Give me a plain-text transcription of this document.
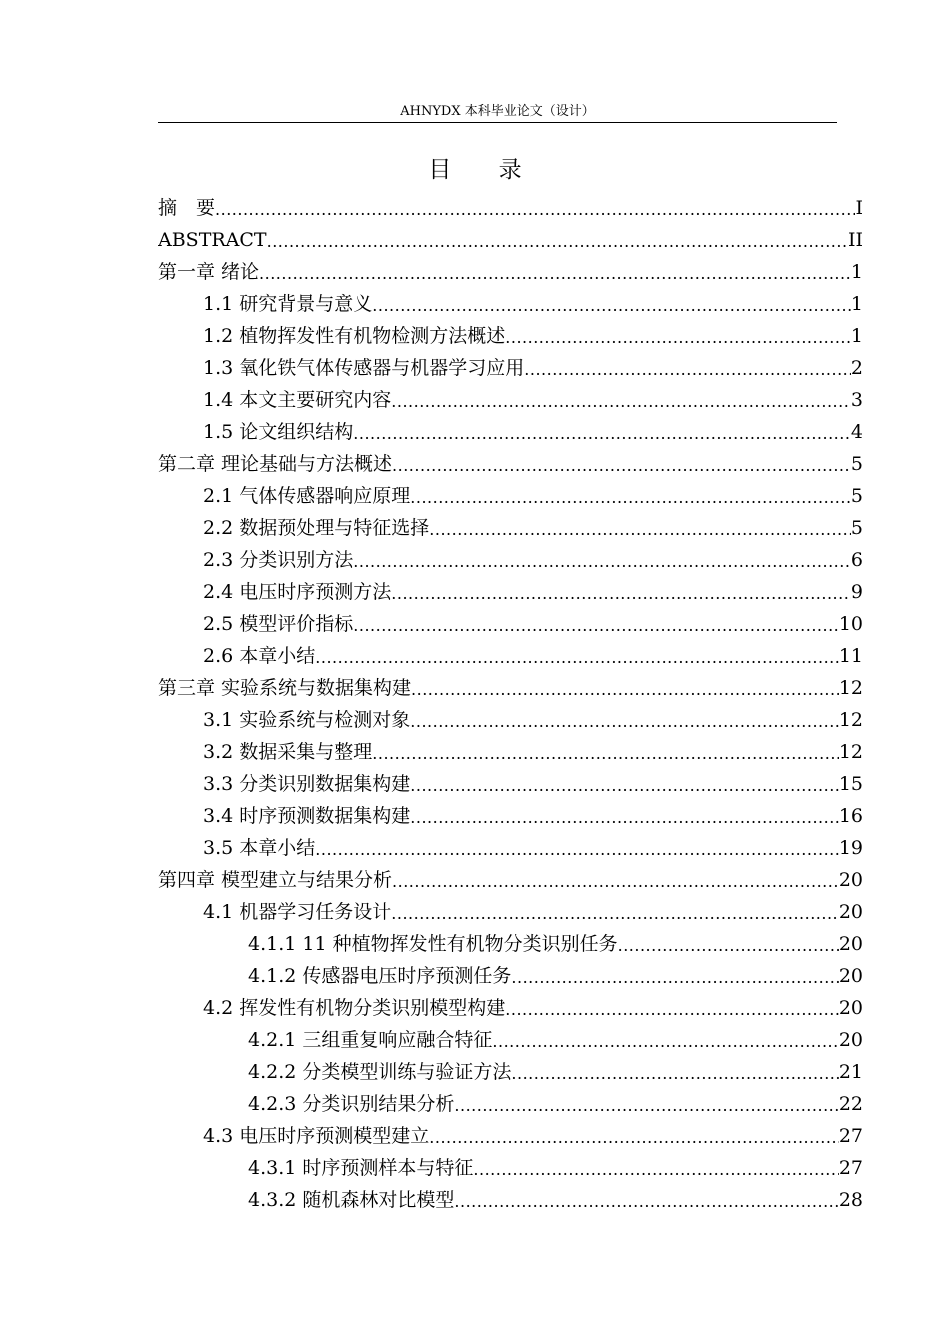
AHNYDX 本科毕业论文（设计）
目 录
摘　要 .....	I
ABSTRACT .....	II
第一章 绪论 .....	1
1.1 研究背景与意义 .....	1
1.2 植物挥发性有机物检测方法概述 .....	1
1.3 氧化铁气体传感器与机器学习应用 .....	2
1.4 本文主要研究内容 .....	3
1.5 论文组织结构 .....	4
第二章 理论基础与方法概述 .....	5
2.1 气体传感器响应原理 .....	5
2.2 数据预处理与特征选择 .....	5
2.3 分类识别方法 .....	6
2.4 电压时序预测方法 .....	9
2.5 模型评价指标 .....	10
2.6 本章小结 .....	11
第三章 实验系统与数据集构建 .....	12
3.1 实验系统与检测对象 .....	12
3.2 数据采集与整理 .....	12
3.3 分类识别数据集构建 .....	15
3.4 时序预测数据集构建 .....	16
3.5 本章小结 .....	19
第四章 模型建立与结果分析 .....	20
4.1 机器学习任务设计 .....	20
4.1.1 11 种植物挥发性有机物分类识别任务 .....	20
4.1.2 传感器电压时序预测任务 .....	20
4.2 挥发性有机物分类识别模型构建 .....	20
4.2.1 三组重复响应融合特征 .....	20
4.2.2 分类模型训练与验证方法 .....	21
4.2.3 分类识别结果分析 .....	22
4.3 电压时序预测模型建立 .....	27
4.3.1 时序预测样本与特征 .....	27
4.3.2 随机森林对比模型 .....	28
